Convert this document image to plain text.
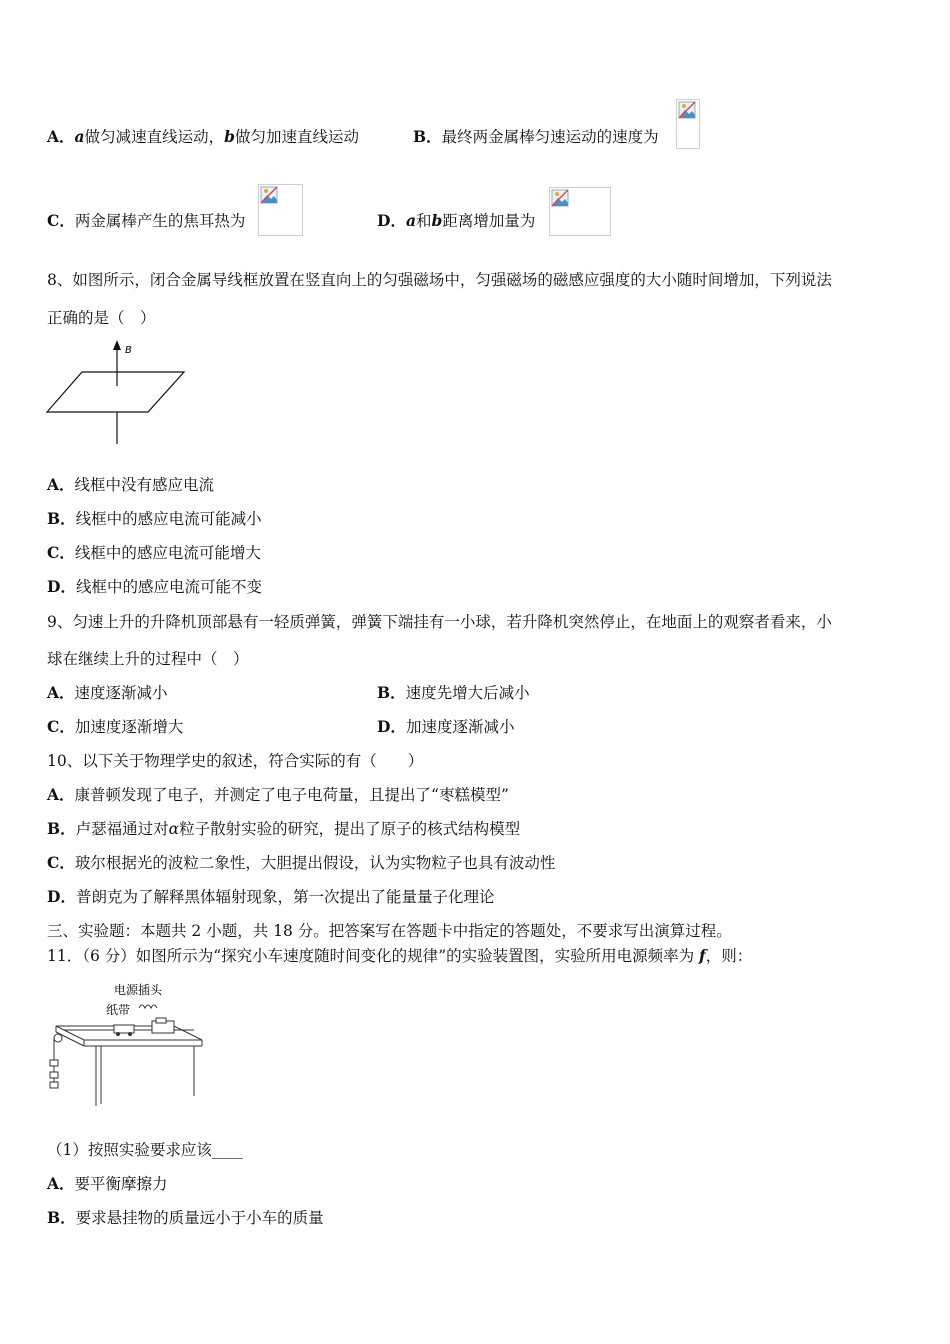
A．a做匀减速直线运动，b做匀加速直线运动	B．最终两金属棒匀速运动的速度为
C．两金属棒产生的焦耳热为	D．a和b距离增加量为
8、如图所示，闭合金属导线框放置在竖直向上的匀强磁场中，匀强磁场的磁感应强度的大小随时间增加，下列说法
正确的是（　）
B
A．线框中没有感应电流
B．线框中的感应电流可能减小
C．线框中的感应电流可能增大
D．线框中的感应电流可能不变
9、匀速上升的升降机顶部悬有一轻质弹簧，弹簧下端挂有一小球，若升降机突然停止，在地面上的观察者看来，小
球在继续上升的过程中（　）
A．速度逐渐减小	B．速度先增大后减小
C．加速度逐渐增大	D．加速度逐渐减小
10、以下关于物理学史的叙述，符合实际的有（　　）
A．康普顿发现了电子，并测定了电子电荷量，且提出了“枣糕模型”
B．卢瑟福通过对α粒子散射实验的研究，提出了原子的核式结构模型
C．玻尔根据光的波粒二象性，大胆提出假设，认为实物粒子也具有波动性
D．普朗克为了解释黑体辐射现象，第一次提出了能量量子化理论
三、实验题：本题共 2 小题，共 18 分。把答案写在答题卡中指定的答题处，不要求写出演算过程。
11．（6 分）如图所示为“探究小车速度随时间变化的规律”的实验装置图，实验所用电源频率为 f，则：
电源插头
纸带
（1）按照实验要求应该____
A．要平衡摩擦力
B．要求悬挂物的质量远小于小车的质量
